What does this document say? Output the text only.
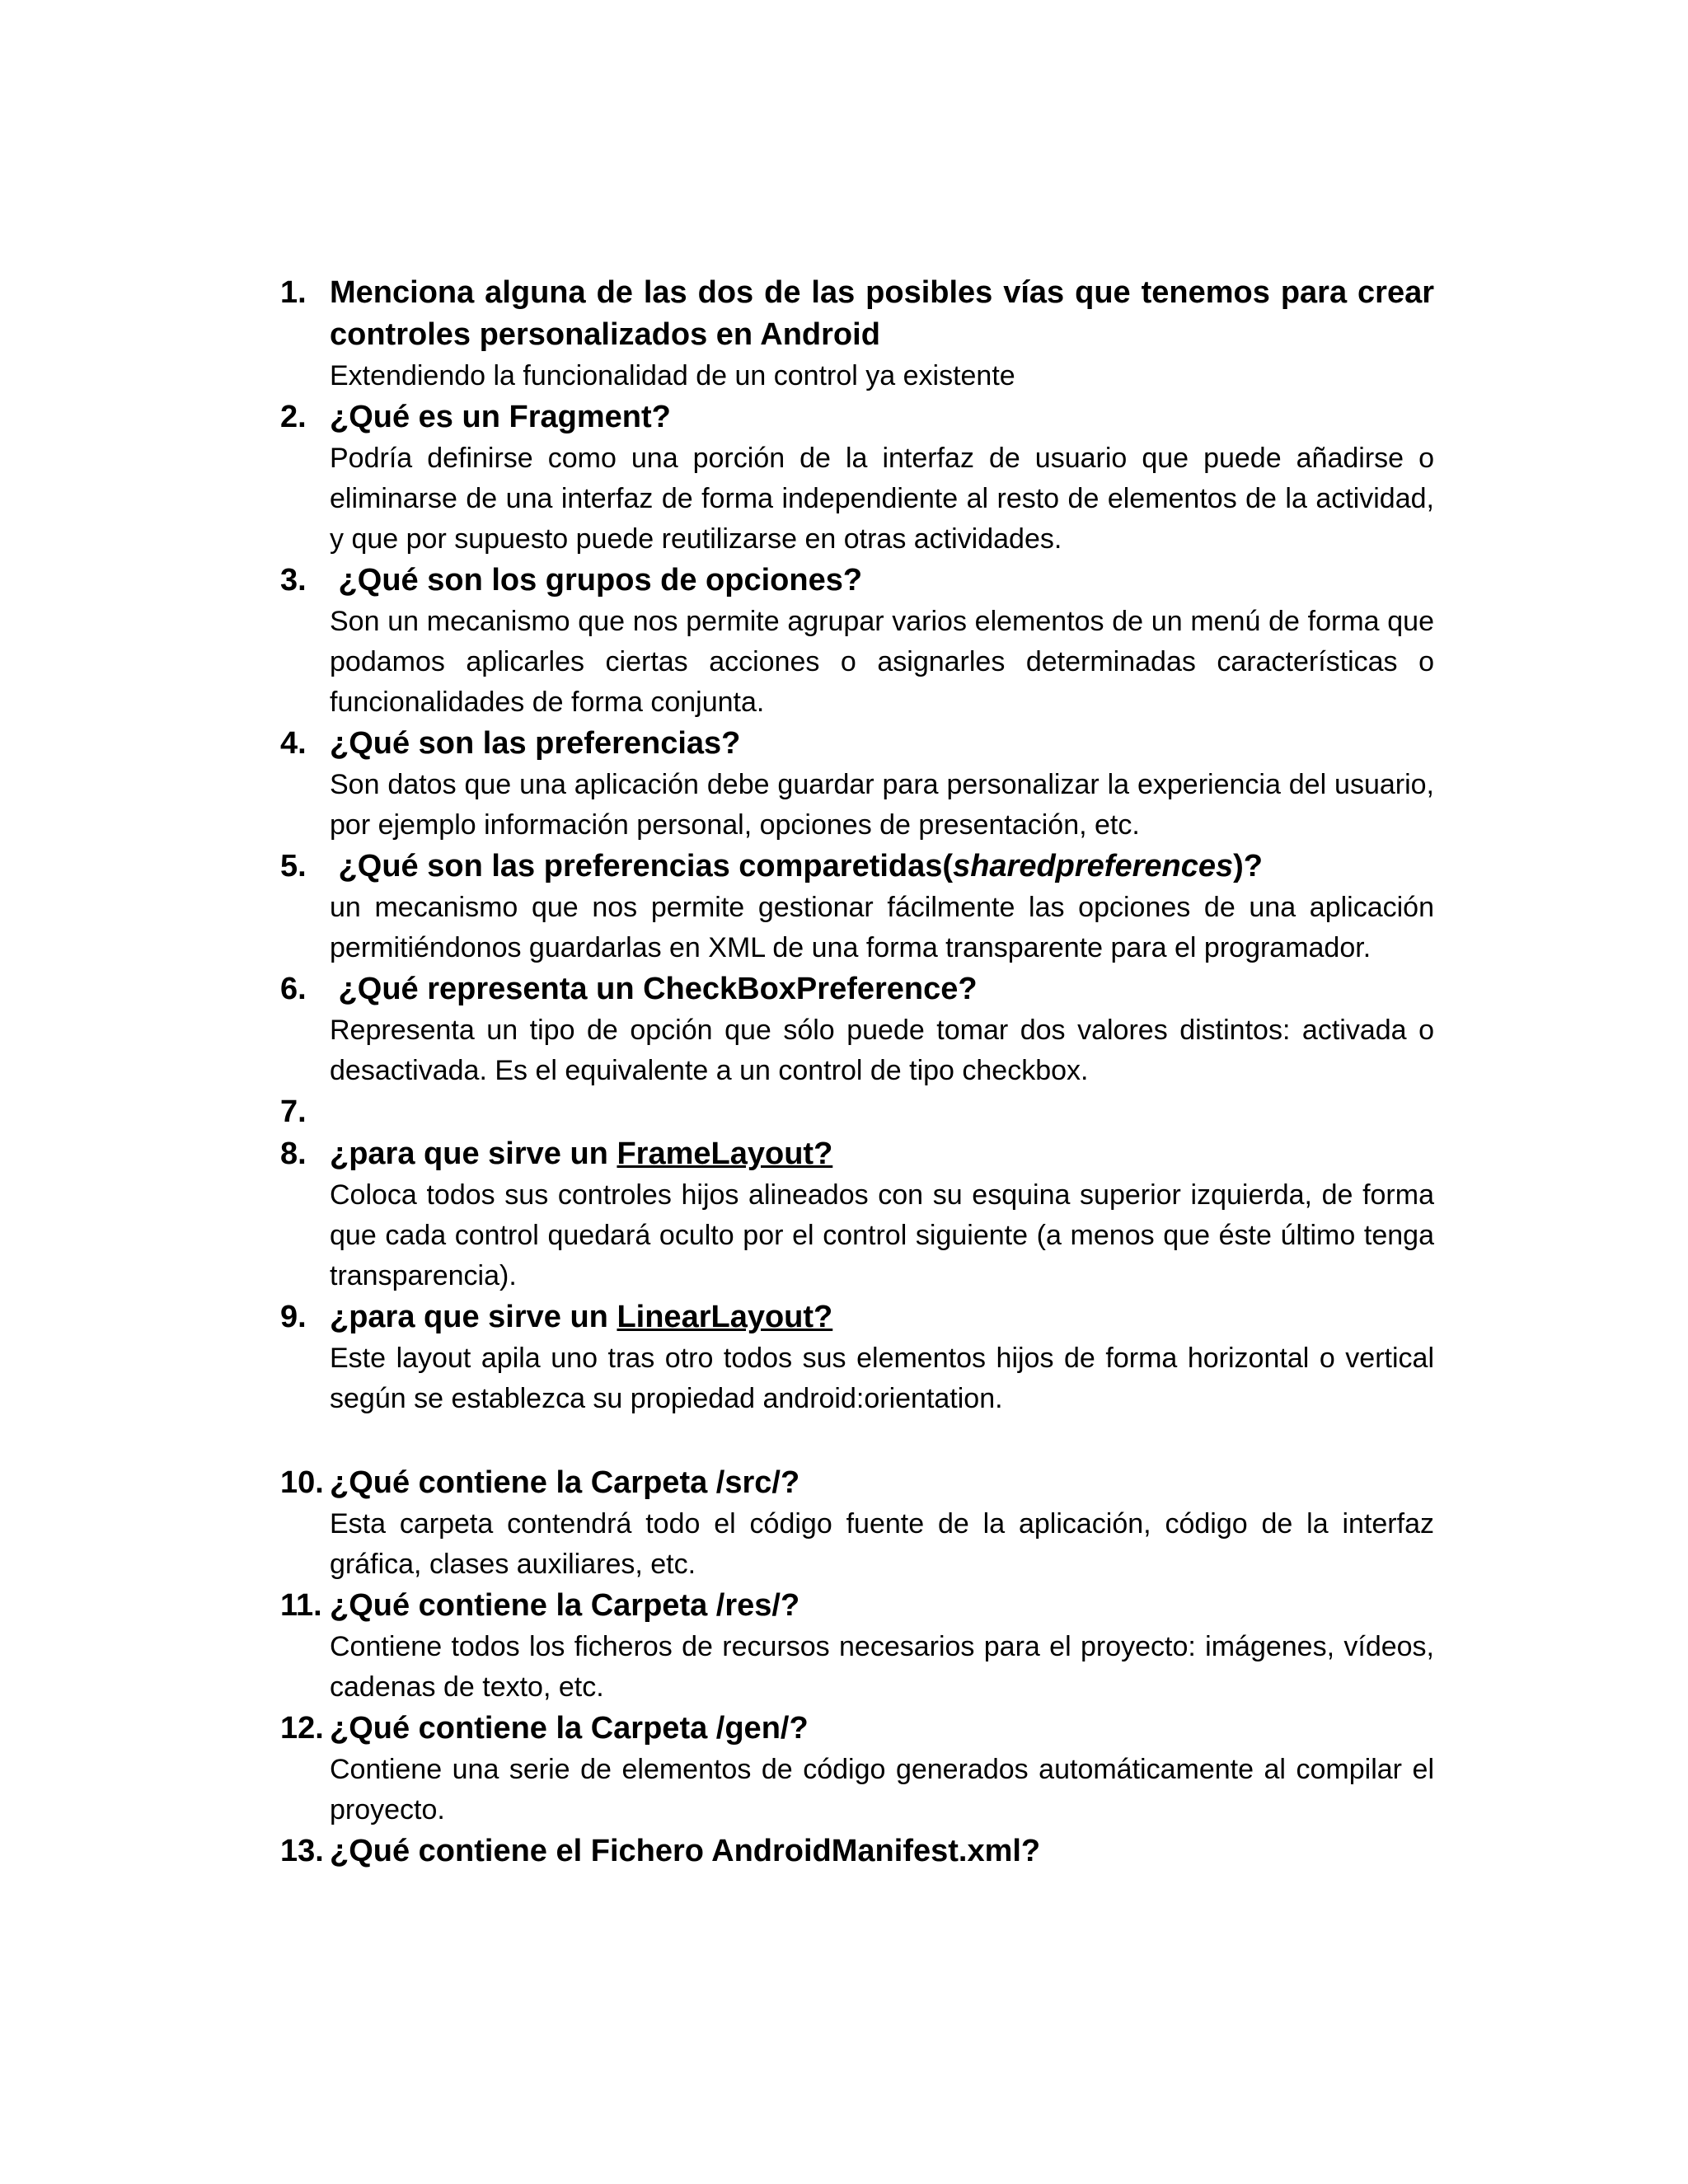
1. Menciona alguna de las dos de las posibles vías que tenemos para crear controles personalizados en Android
Extendiendo la funcionalidad de un control ya existente
2. ¿Qué es un Fragment?
Podría definirse como una porción de la interfaz de usuario que puede añadirse o eliminarse de una interfaz de forma independiente al resto de elementos de la actividad, y que por supuesto puede reutilizarse en otras actividades.
3. ¿Qué son los grupos de opciones?
Son un mecanismo que nos permite agrupar varios elementos de un menú de forma que podamos aplicarles ciertas acciones o asignarles determinadas características o funcionalidades de forma conjunta.
4. ¿Qué son las preferencias?
Son datos que una aplicación debe guardar para personalizar la experiencia del usuario, por ejemplo información personal, opciones de presentación, etc.
5. ¿Qué son las preferencias comparetidas(sharedpreferences)?
un mecanismo que nos permite gestionar fácilmente las opciones de una aplicación permitiéndonos guardarlas en XML de una forma transparente para el programador.
6. ¿Qué representa un CheckBoxPreference?
Representa un tipo de opción que sólo puede tomar dos valores distintos: activada o desactivada. Es el equivalente a un control de tipo checkbox.
7.
8. ¿para que sirve un FrameLayout?
Coloca todos sus controles hijos alineados con su esquina superior izquierda, de forma que cada control quedará oculto por el control siguiente (a menos que éste último tenga transparencia).
9. ¿para que sirve un LinearLayout?
Este layout apila uno tras otro todos sus elementos hijos de forma horizontal o vertical según se establezca su propiedad android:orientation.
10. ¿Qué contiene la Carpeta /src/?
Esta carpeta contendrá todo el código fuente de la aplicación, código de la interfaz gráfica, clases auxiliares, etc.
11. ¿Qué contiene la Carpeta /res/?
Contiene todos los ficheros de recursos necesarios para el proyecto: imágenes, vídeos, cadenas de texto, etc.
12. ¿Qué contiene la Carpeta /gen/?
Contiene una serie de elementos de código generados automáticamente al compilar el proyecto.
13. ¿Qué contiene el Fichero AndroidManifest.xml?
